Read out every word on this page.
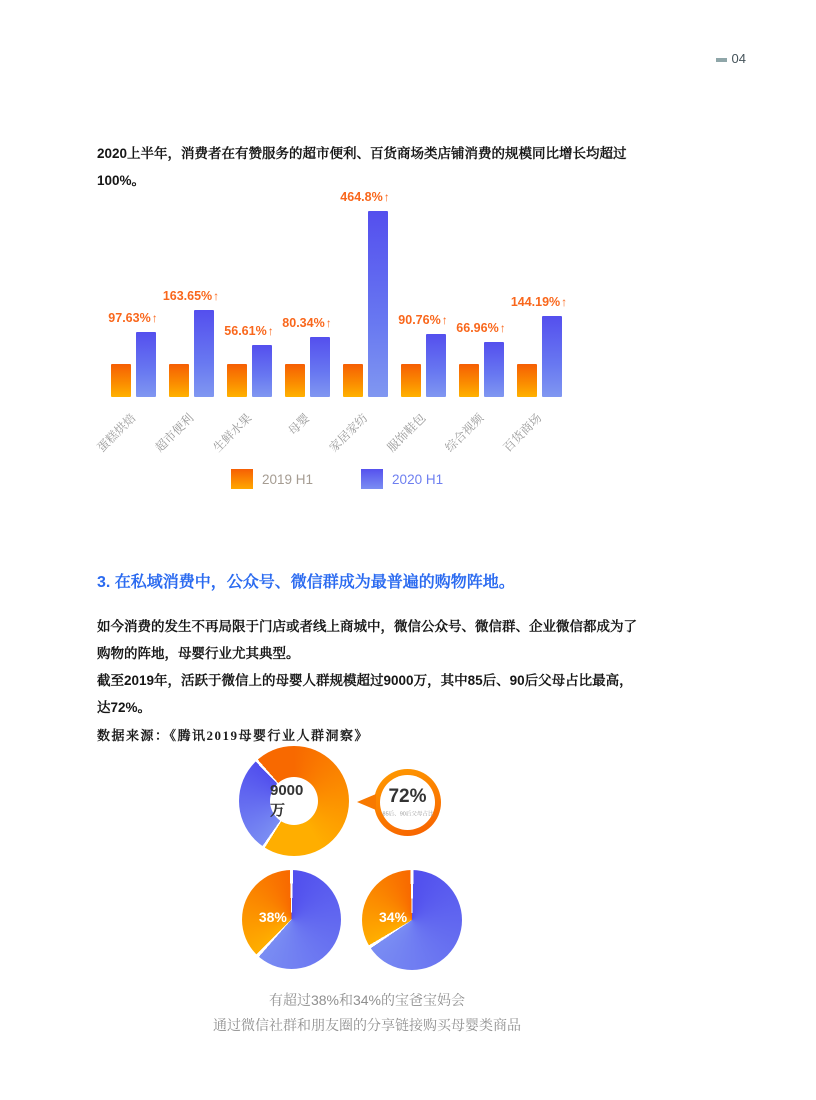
04

2020上半年，消费者在有赞服务的超市便利、百货商场类店铺消费的规模同比增长均超过100%。

97.63%↑
蛋糕烘焙
163.65%↑
超市便利
56.61%↑
生鲜水果
80.34%↑
母婴
464.8%↑
家居家纺
90.76%↑
服饰鞋包
66.96%↑
综合视频
144.19%↑
百货商场
2019 H1	2020 H1
3. 在私域消费中，公众号、微信群成为最普遍的购物阵地。

如今消费的发生不再局限于门店或者线上商城中，微信公众号、微信群、企业微信都成为了购物的阵地，母婴行业尤其典型。

截至2019年，活跃于微信上的母婴人群规模超过9000万，其中85后、90后父母占比最高，达72%。

数据来源：《腾讯2019母婴行业人群洞察》

9000万
72%
85后、90后父母占比
38%	34%
有超过38%和34%的宝爸宝妈会
通过微信社群和朋友圈的分享链接购买母婴类商品
